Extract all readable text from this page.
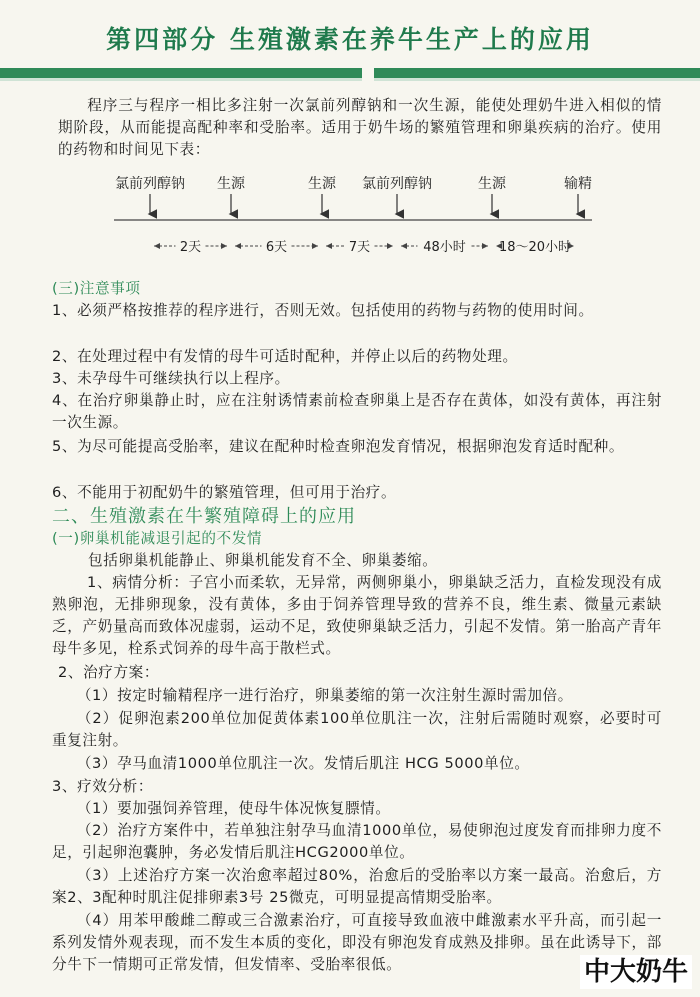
第四部分 生殖激素在养牛生产上的应用

程序三与程序一相比多注射一次氯前列醇钠和一次生源，能使处理奶牛进入相似的情期阶段，从而能提高配种率和受胎率。适用于奶牛场的繁殖管理和卵巢疾病的治疗。使用的药物和时间见下表：

氯前列醇钠 生源	生源 氯前列醇钠	生源	输精
2天	6天	7天	48小时	18～20小时
(三)注意事项

1、必须严格按推荐的程序进行，否则无效。包括使用的药物与药物的使用时间。

2、在处理过程中有发情的母牛可适时配种，并停止以后的药物处理。

3、未孕母牛可继续执行以上程序。

4、在治疗卵巢静止时，应在注射诱情素前检查卵巢上是否存在黄体，如没有黄体，再注射一次生源。

5、为尽可能提高受胎率，建议在配种时检查卵泡发育情况，根据卵泡发育适时配种。

6、不能用于初配奶牛的繁殖管理，但可用于治疗。

二、生殖激素在牛繁殖障碍上的应用
(一)卵巢机能减退引起的不发情
包括卵巢机能静止、卵巢机能发育不全、卵巢萎缩。

1、病情分析：子宫小而柔软，无异常，两侧卵巢小，卵巢缺乏活力，直检发现没有成熟卵泡，无排卵现象，没有黄体，多由于饲养管理导致的营养不良，维生素、微量元素缺乏，产奶量高而致体况虚弱，运动不足，致使卵巢缺乏活力，引起不发情。第一胎高产青年母牛多见，栓系式饲养的母牛高于散栏式。

2、治疗方案：

（1）按定时输精程序一进行治疗，卵巢萎缩的第一次注射生源时需加倍。

（2）促卵泡素200单位加促黄体素100单位肌注一次，注射后需随时观察，必要时可重复注射。

（3）孕马血清1000单位肌注一次。发情后肌注 HCG 5000单位。

3、疗效分析：

（1）要加强饲养管理，使母牛体况恢复膘情。

（2）治疗方案件中，若单独注射孕马血清1000单位，易使卵泡过度发育而排卵力度不足，引起卵泡囊肿，务必发情后肌注HCG2000单位。

（3）上述治疗方案一次治愈率超过80%，治愈后的受胎率以方案一最高。治愈后，方案2、3配种时肌注促排卵素3号 25微克，可明显提高情期受胎率。

（4）用苯甲酸雌二醇或三合激素治疗，可直接导致血液中雌激素水平升高，而引起一系列发情外观表现，而不发生本质的变化，即没有卵泡发育成熟及排卵。虽在此诱导下，部分牛下一情期可正常发情，但发情率、受胎率很低。	中大奶牛
